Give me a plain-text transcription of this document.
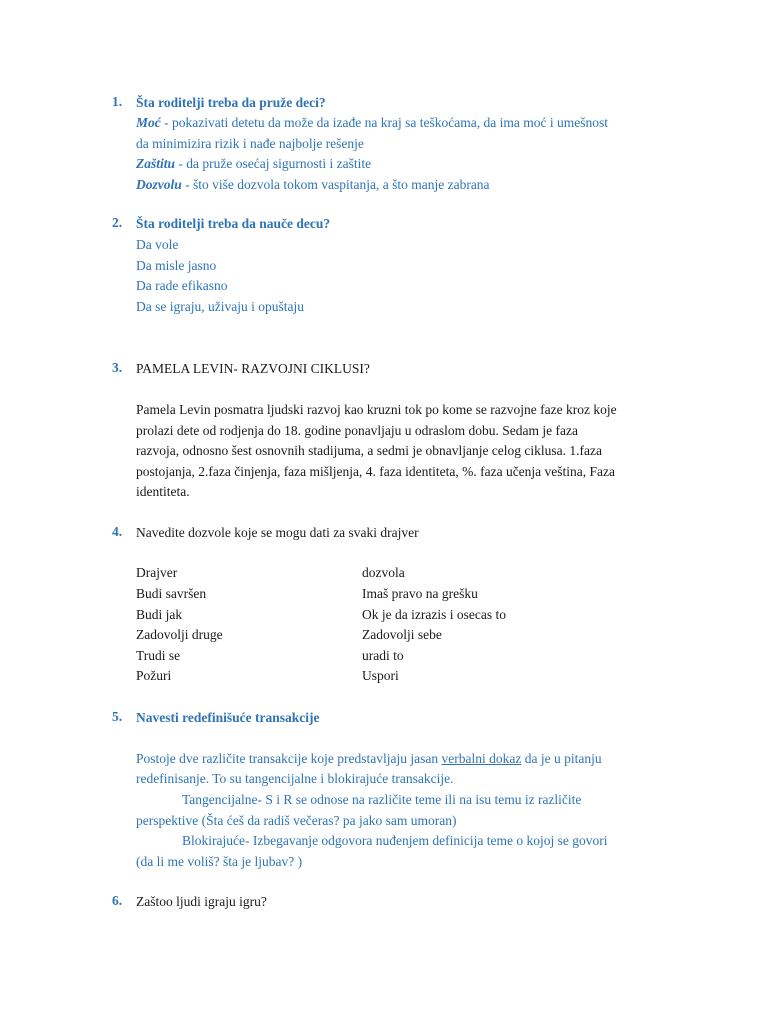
1. Šta roditelji treba da pruže deci?
Moć - pokazivati detetu da može da izađe na kraj sa teškoćama, da ima moć i umešnost
da minimizira rizik i nađe najbolje rešenje
Zaštitu - da pruže osećaj sigurnosti i zaštite
Dozvolu - što više dozvola tokom vaspitanja, a što manje zabrana
2. Šta roditelji treba da nauče decu?
Da vole
Da misle jasno
Da rade efikasno
Da se igraju, uživaju i opuštaju
3. PAMELA LEVIN- RAZVOJNI CIKLUSI?
Pamela Levin posmatra ljudski razvoj kao kruzni tok po kome se razvojne faze kroz koje
prolazi dete od rodjenja do 18. godine ponavljaju u odraslom dobu. Sedam je faza
razvoja, odnosno šest osnovnih stadijuma, a sedmi je obnavljanje celog ciklusa. 1.faza
postojanja, 2.faza činjenja, faza mišljenja, 4. faza identiteta, %. faza učenja veština, Faza
identiteta.
4. Navedite dozvole koje se mogu dati za svaki drajver
Drajver	dozvola
Budi savršen	Imaš pravo na grešku
Budi jak	Ok je da izrazis i osecas to
Zadovolji druge	Zadovolji sebe
Trudi se	uradi to
Požuri	Uspori
5. Navesti redefinišuće transakcije
Postoje dve različite transakcije koje predstavljaju jasan verbalni dokaz da je u pitanju
redefinisanje. To su tangencijalne i blokirajuće transakcije.
Tangencijalne- S i R se odnose na različite teme ili na isu temu iz različite
perspektive (Šta ćeš da radiš večeras? pa jako sam umoran)
Blokirajuće- Izbegavanje odgovora nuđenjem definicija teme o kojoj se govori
(da li me voliš? šta je ljubav? )
6. Zaštoo ljudi igraju igru?
